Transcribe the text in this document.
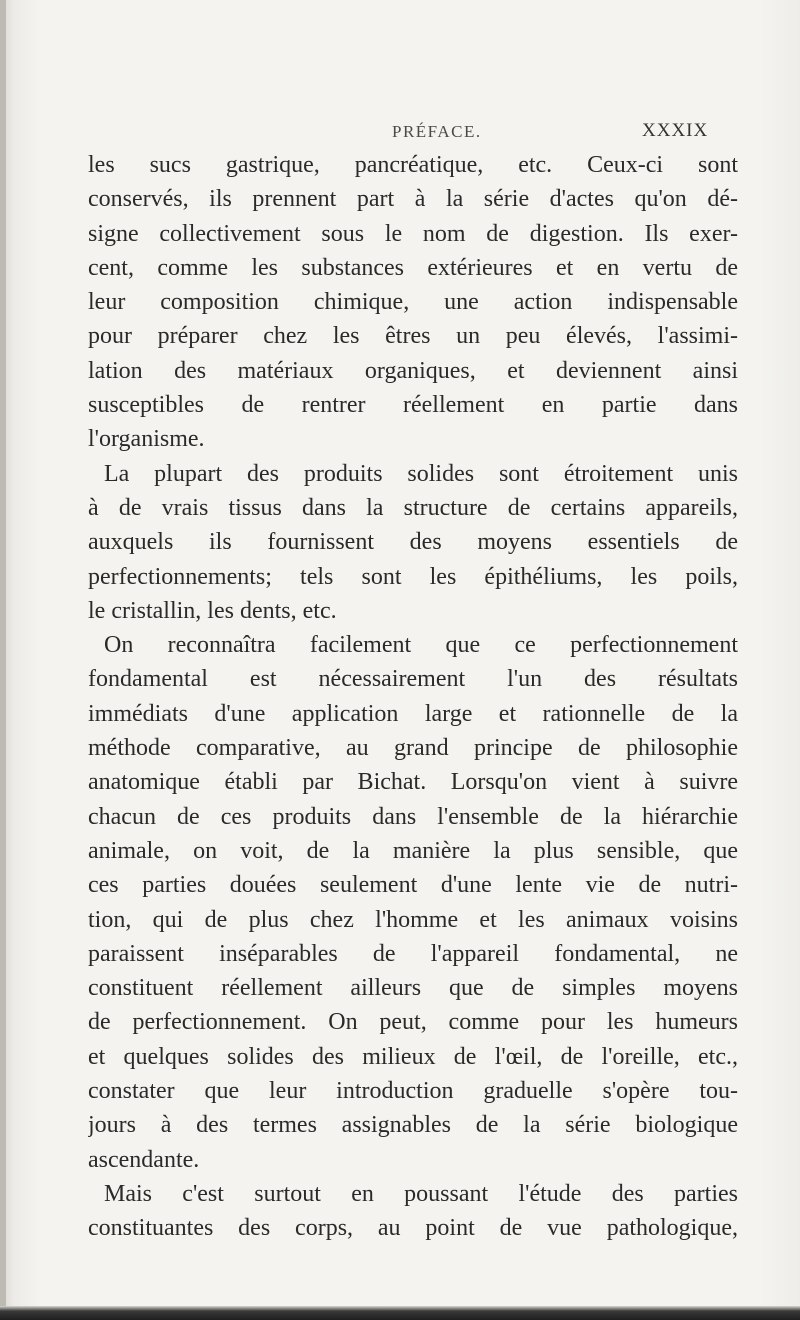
PRÉFACE.	XXXIX
les sucs gastrique, pancréatique, etc. Ceux-ci sont
conservés, ils prennent part à la série d'actes qu'on dé-
signe collectivement sous le nom de digestion. Ils exer-
cent, comme les substances extérieures et en vertu de
leur composition chimique, une action indispensable
pour préparer chez les êtres un peu élevés, l'assimi-
lation des matériaux organiques, et deviennent ainsi
susceptibles de rentrer réellement en partie dans
l'organisme.
La plupart des produits solides sont étroitement unis
à de vrais tissus dans la structure de certains appareils,
auxquels ils fournissent des moyens essentiels de
perfectionnements; tels sont les épithéliums, les poils,
le cristallin, les dents, etc.
On reconnaîtra facilement que ce perfectionnement
fondamental est nécessairement l'un des résultats
immédiats d'une application large et rationnelle de la
méthode comparative, au grand principe de philosophie
anatomique établi par Bichat. Lorsqu'on vient à suivre
chacun de ces produits dans l'ensemble de la hiérarchie
animale, on voit, de la manière la plus sensible, que
ces parties douées seulement d'une lente vie de nutri-
tion, qui de plus chez l'homme et les animaux voisins
paraissent inséparables de l'appareil fondamental, ne
constituent réellement ailleurs que de simples moyens
de perfectionnement. On peut, comme pour les humeurs
et quelques solides des milieux de l'œil, de l'oreille, etc.,
constater que leur introduction graduelle s'opère tou-
jours à des termes assignables de la série biologique
ascendante.
Mais c'est surtout en poussant l'étude des parties
constituantes des corps, au point de vue pathologique,
